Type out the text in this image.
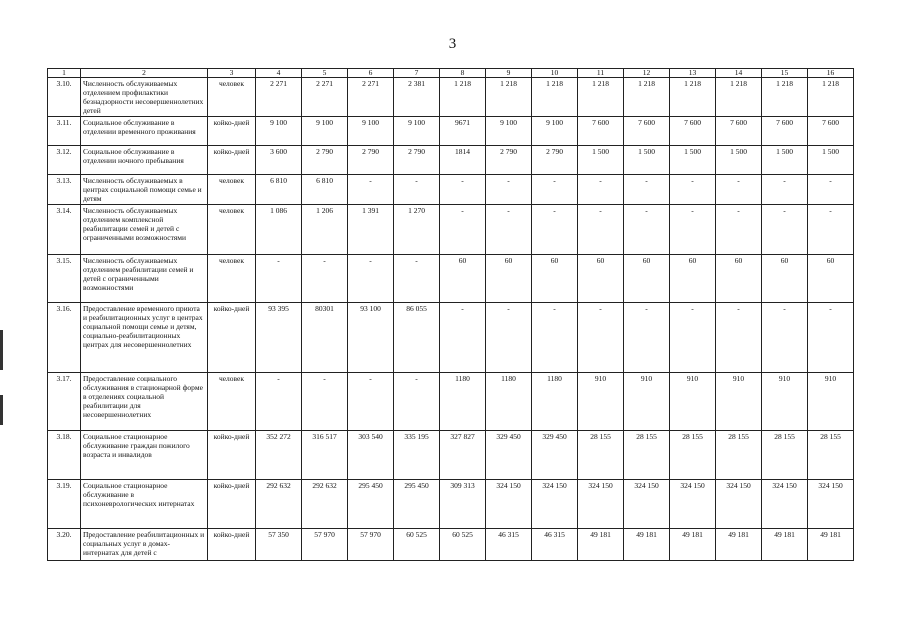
3
1	2	3	4	5	6	7	8	9	10	11	12	13	14	15	16
3.10.	Численность обслуживаемых отделением профилактики безнадзорности несовершеннолетних детей	человек	2 271	2 271	2 271	2 381	1 218	1 218	1 218	1 218	1 218	1 218	1 218	1 218	1 218
3.11.	Социальное обслуживание в отделении временного проживания	койко-дней	9 100	9 100	9 100	9 100	9671	9 100	9 100	7 600	7 600	7 600	7 600	7 600	7 600
3.12.	Социальное обслуживание в отделении ночного пребывания	койко-дней	3 600	2 790	2 790	2 790	1814	2 790	2 790	1 500	1 500	1 500	1 500	1 500	1 500
3.13.	Численность обслуживаемых в центрах социальной помощи семье и детям	человек	6 810	6 810	-	-	-	-	-	-	-	-	-	-	-
3.14.	Численность обслуживаемых отделением комплексной реабилитации семей и детей с ограниченными возможностями	человек	1 086	1 206	1 391	1 270	-	-	-	-	-	-	-	-	-
3.15.	Численность обслуживаемых отделением реабилитации семей и детей с ограниченными возможностями	человек	-	-	-	-	60	60	60	60	60	60	60	60	60
3.16.	Предоставление временного приюта и реабилитационных услуг в центрах социальной помощи семье и детям, социально-реабилитационных центрах для несовершеннолетних	койко-дней	93 395	80301	93 100	86 055	-	-	-	-	-	-	-	-	-
3.17.	Предоставление социального обслуживания в стационарной форме в отделениях социальной реабилитации для несовершеннолетних	человек	-	-	-	-	1180	1180	1180	910	910	910	910	910	910
3.18.	Социальное стационарное обслуживание граждан пожилого возраста и инвалидов	койко-дней	352 272	316 517	303 540	335 195	327 827	329 450	329 450	28 155	28 155	28 155	28 155	28 155	28 155
3.19.	Социальное стационарное обслуживание в психоневрологических интернатах	койко-дней	292 632	292 632	295 450	295 450	309 313	324 150	324 150	324 150	324 150	324 150	324 150	324 150	324 150
3.20.	Предоставление реабилитационных и социальных услуг в домах-интернатах для детей с	койко-дней	57 350	57 970	57 970	60 525	60 525	46 315	46 315	49 181	49 181	49 181	49 181	49 181	49 181
